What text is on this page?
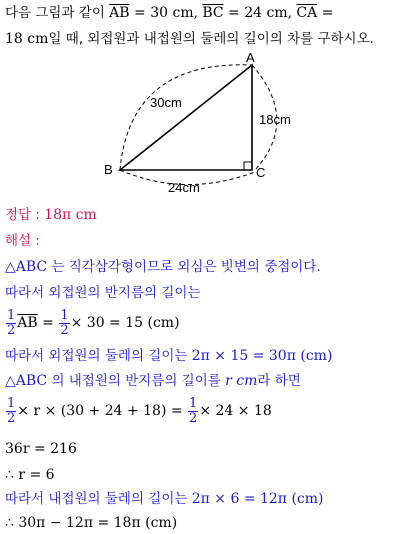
다음 그림과 같이 $\overline{AB} = 30$ cm, $\overline{BC} = 24$ cm, $\overline{CA}$ =
18 cm일 때, 외접원과 내접원의 둘레의 길이의 차를 구하시오.
A
B	C
30cm
18cm
24cm
정답 : 18π cm
해설 :
△ABC 는 직각삼각형이므로 외심은 빗변의 중점이다.
따라서 외접원의 반지름의 길이는
$\frac{1}{2} \overline{AB} = \frac{1}{2} \times 30 = 15$ (cm)
따라서 외접원의 둘레의 길이는 2π × 15 = 30π (cm)
△ABC 의 내접원의 반지름의 길이를 r cm라 하면
$\frac{1}{2} \times r \times (30 + 24 + 18) = \frac{1}{2} \times 24 \times 18$
36r = 216
∴ r = 6
따라서 내접원의 둘레의 길이는 2π × 6 = 12π (cm)
∴ 30π − 12π = 18π (cm)
